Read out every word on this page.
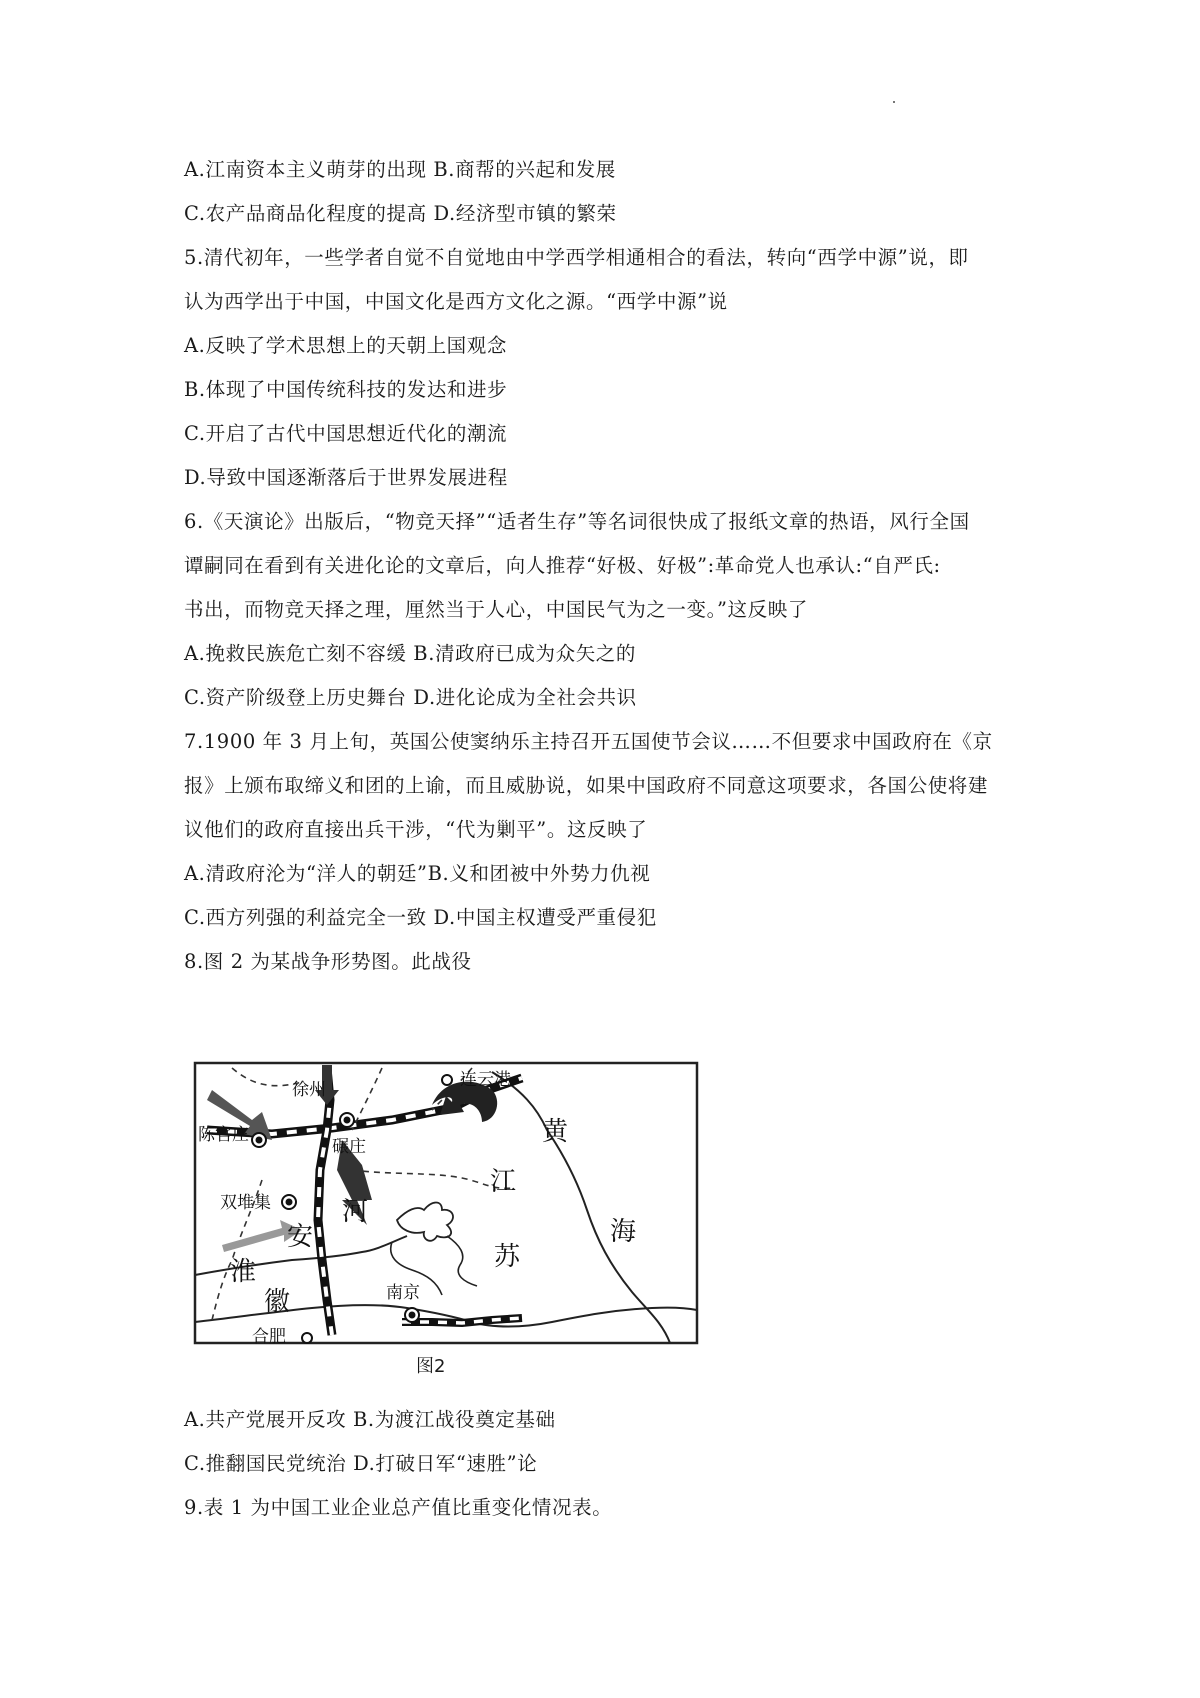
A.江南资本主义萌芽的出现 B.商帮的兴起和发展
C.农产品商品化程度的提高 D.经济型市镇的繁荣
5.清代初年，一些学者自觉不自觉地由中学西学相通相合的看法，转向“西学中源”说，即
认为西学出于中国，中国文化是西方文化之源。“西学中源”说
A.反映了学术思想上的天朝上国观念
B.体现了中国传统科技的发达和进步
C.开启了古代中国思想近代化的潮流
D.导致中国逐渐落后于世界发展进程
6.《天演论》出版后，“物竞天择”“适者生存”等名词很快成了报纸文章的热语，风行全国
谭嗣同在看到有关进化论的文章后，向人推荐“好极、好极”:革命党人也承认:“自严氏:
书出，而物竞天择之理，厘然当于人心，中国民气为之一变。”这反映了
A.挽救民族危亡刻不容缓 B.清政府已成为众矢之的
C.资产阶级登上历史舞台 D.进化论成为全社会共识
7.1900 年 3 月上旬，英国公使窦纳乐主持召开五国使节会议……不但要求中国政府在《京
报》上颁布取缔义和团的上谕，而且威胁说，如果中国政府不同意这项要求，各国公使将建
议他们的政府直接出兵干涉，“代为剿平”。这反映了
A.清政府沦为“洋人的朝廷”B.义和团被中外势力仇视
C.西方列强的利益完全一致 D.中国主权遭受严重侵犯
8.图 2 为某战争形势图。此战役
徐州	连云港
陈官庄
碾庄
双堆集
南京
合肥
黄
海
江
苏
安
河
淮
徽
图2
A.共产党展开反攻 B.为渡江战役奠定基础
C.推翻国民党统治 D.打破日军“速胜”论
9.表 1 为中国工业企业总产值比重变化情况表。
